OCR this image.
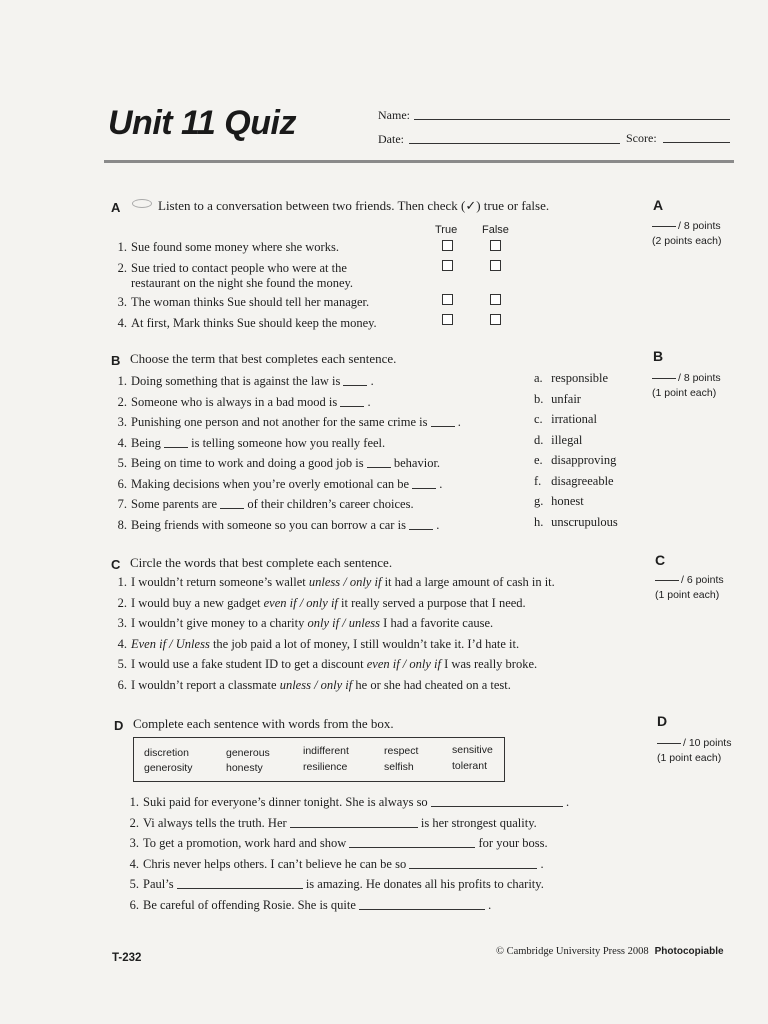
Unit 11 Quiz	Name:
Date:	Score:
A	Listen to a conversation between two friends. Then check (✓) true or false.
True False
1. Sue found some money where she works.
2. Sue tried to contact people who were at the
restaurant on the night she found the money.
3. The woman thinks Sue should tell her manager.
4. At first, Mark thinks Sue should keep the money.
A
/ 8 points
(2 points each)
B Choose the term that best completes each sentence.
1. Doing something that is against the law is .
2. Someone who is always in a bad mood is .
3. Punishing one person and not another for the same crime is .
4. Being is telling someone how you really feel.
5. Being on time to work and doing a good job is behavior.
6. Making decisions when you’re overly emotional can be .
7. Some parents are of their children’s career choices.
8. Being friends with someone so you can borrow a car is .
a. responsible
b. unfair
c. irrational
d. illegal
e. disapproving
f. disagreeable
g. honest
h. unscrupulous
B
/ 8 points
(1 point each)
C Circle the words that best complete each sentence.
1. I wouldn’t return someone’s wallet unless / only if it had a large amount of cash in it.
2. I would buy a new gadget even if / only if it really served a purpose that I need.
3. I wouldn’t give money to a charity only if / unless I had a favorite cause.
4. Even if / Unless the job paid a lot of money, I still wouldn’t take it. I’d hate it.
5. I would use a fake student ID to get a discount even if / only if I was really broke.
6. I wouldn’t report a classmate unless / only if he or she had cheated on a test.
C
/ 6 points
(1 point each)
D Complete each sentence with words from the box.
discretion
generosity
generous
honesty
indifferent
resilience
respect
selfish
sensitive
tolerant
1. Suki paid for everyone’s dinner tonight. She is always so	.
2. Vi always tells the truth. Her	is her strongest quality.
3. To get a promotion, work hard and show	for your boss.
4. Chris never helps others. I can’t believe he can be so	.
5. Paul’s	is amazing. He donates all his profits to charity.
6. Be careful of offending Rosie. She is quite	.
D
/ 10 points
(1 point each)
T-232
© Cambridge University Press 2008 Photocopiable
